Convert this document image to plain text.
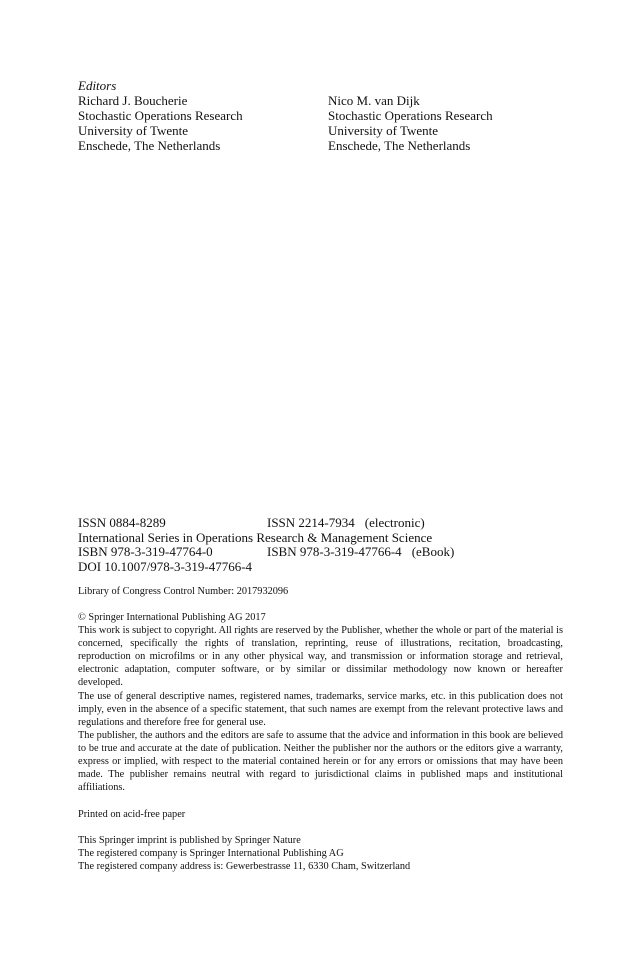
Editors
Richard J. Boucherie
Stochastic Operations Research
University of Twente
Enschede, The Netherlands
Nico M. van Dijk
Stochastic Operations Research
University of Twente
Enschede, The Netherlands
ISSN 0884-8289	ISSN 2214-7934 (electronic)
International Series in Operations Research & Management Science
ISBN 978-3-319-47764-0	ISBN 978-3-319-47766-4 (eBook)
DOI 10.1007/978-3-319-47766-4
Library of Congress Control Number: 2017932096

© Springer International Publishing AG 2017

This work is subject to copyright. All rights are reserved by the Publisher, whether the whole or part of the material is concerned, specifically the rights of translation, reprinting, reuse of illustrations, recitation, broadcasting, reproduction on microfilms or in any other physical way, and transmission or information storage and retrieval, electronic adaptation, computer software, or by similar or dissimilar methodology now known or hereafter developed.

The use of general descriptive names, registered names, trademarks, service marks, etc. in this publication does not imply, even in the absence of a specific statement, that such names are exempt from the relevant protective laws and regulations and therefore free for general use.

The publisher, the authors and the editors are safe to assume that the advice and information in this book are believed to be true and accurate at the date of publication. Neither the publisher nor the authors or the editors give a warranty, express or implied, with respect to the material contained herein or for any errors or omissions that may have been made. The publisher remains neutral with regard to jurisdictional claims in published maps and institutional affiliations.

Printed on acid-free paper
This Springer imprint is published by Springer Nature
The registered company is Springer International Publishing AG
The registered company address is: Gewerbestrasse 11, 6330 Cham, Switzerland
